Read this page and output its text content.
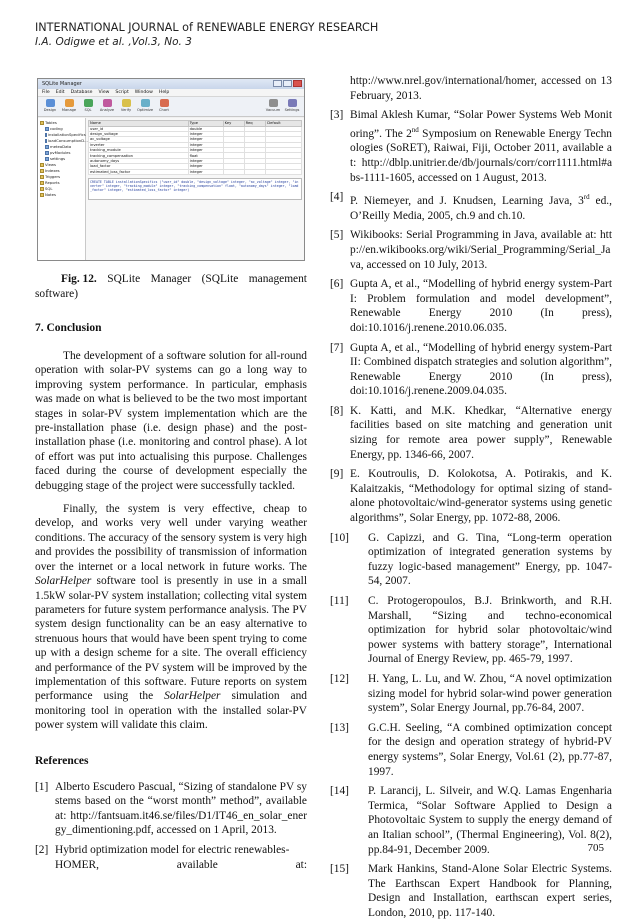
INTERNATIONAL JOURNAL of RENEWABLE ENERGY RESEARCH
I.A. Odigwe et al. ,Vol.3, No. 3
SQLite Manager
File Edit Database View Script Window Help
Design Manage SQL Analyze Verify Optimize Chart	Vacuum Settings
Tables
coding
installationSpecifics
loadConsumptionD...
meteoData
pvModules
settings
Views
Indexes
Triggers
Reports
SQL
Notes
Name	Type	Key	Req	Default
user_id	double			
design_voltage	integer			
ac_voltage	integer			
inverter	integer			
tracking_module	integer			
tracking_compensation	float			
autonomy_days	integer			
load_factor	integer			
estimated_loss_factor	integer			
CREATE TABLE installationSpecifics ("user_id" double, "design_voltage" integer, "ac_voltage" integer, "inverter" integer, "tracking_module" integer, "tracking_compensation" float, "autonomy_days" integer, "load_factor" integer, "estimated_loss_factor" integer)
Fig. 12. SQLite Manager (SQLite management software)
7. Conclusion

The development of a software solution for all-round operation with solar-PV systems can go a long way to improving system performance. In particular, emphasis was made on what is believed to be the two most important stages in solar-PV system implementation which are the pre-installation phase (i.e. design phase) and the post-installation phase (i.e. monitoring and control phase). A lot of effort was put into actualising this purpose. Challenges faced during the course of development especially the debugging stage of the project were successfully tackled.

Finally, the system is very effective, cheap to develop, and works very well under varying weather conditions. The accuracy of the sensory system is very high and provides the possibility of transmission of information over the internet or a local network in future works. The SolarHelper software tool is presently in use in a small 1.5kW solar-PV system installation; collecting vital system parameters for future system performance analysis. The PV system design functionality can be an easy alternative to strenuous hours that would have been spent trying to come up with a design scheme for a site. The overall efficiency and performance of the PV system will be improved by the implementation of this software. Future reports on system performance using the SolarHelper simulation and monitoring tool in operation with the installed solar-PV power system will validate this claim.

References
[1] Alberto Escudero Pascual, “Sizing of standalone PV systems based on the “worst month” method”, available at: http://fantsuam.it46.se/files/D1/IT46_en_solar_energy_dimentioning.pdf, accessed on 1 April, 2013.
[2] Hybrid optimization model for electric renewables-
HOMER,	available	at:
http://www.nrel.gov/international/homer, accessed on 13 February, 2013.
[3] Bimal Aklesh Kumar, “Solar Power Systems Web Monitoring”. The 2nd Symposium on Renewable Energy Technologies (SoRET), Raiwai, Fiji, October 2011, available at: http://dblp.unitrier.de/db/journals/corr/corr1111.html#abs-1111-1605, accessed on 1 August, 2013.
[4] P. Niemeyer, and J. Knudsen, Learning Java, 3rd ed., O’Reilly Media, 2005, ch.9 and ch.10.
[5] Wikibooks: Serial Programming in Java, available at: http://en.wikibooks.org/wiki/Serial_Programming/Serial_Java, accessed on 10 July, 2013.
[6] Gupta A, et al., “Modelling of hybrid energy system-Part I: Problem formulation and model development”, Renewable Energy 2010 (In press), doi:10.1016/j.renene.2010.06.035.
[7] Gupta A, et al., “Modelling of hybrid energy system-Part II: Combined dispatch strategies and solution algorithm”, Renewable Energy 2010 (In press), doi:10.1016/j.renene.2009.04.035.
[8] K. Katti, and M.K. Khedkar, “Alternative energy facilities based on site matching and generation unit sizing for remote area power supply”, Renewable Energy, pp. 1346-66, 2007.
[9] E. Koutroulis, D. Kolokotsa, A. Potirakis, and K. Kalaitzakis, “Methodology for optimal sizing of stand-alone photovoltaic/wind-generator systems using genetic algorithms”, Solar Energy, pp. 1072-88, 2006.
[10]	G. Capizzi, and G. Tina, “Long-term operation optimization of integrated generation systems by fuzzy logic-based management” Energy, pp. 1047-54, 2007.
[11]	C. Protogeropoulos, B.J. Brinkworth, and R.H. Marshall, “Sizing and techno-economical optimization for hybrid solar photovoltaic/wind power systems with battery storage”, International Journal of Energy Review, pp. 465-79, 1997.
[12]	H. Yang, L. Lu, and W. Zhou, “A novel optimization sizing model for hybrid solar-wind power generation system”, Solar Energy Journal, pp.76-84, 2007.
[13]	G.C.H. Seeling, “A combined optimization concept for the design and operation strategy of hybrid-PV energy systems”, Solar Energy, Vol.61 (2), pp.77-87, 1997.
[14]	P. Larancij, L. Silveir, and W.Q. Lamas Engenharia Termica, “Solar Software Applied to Design a Photovoltaic System to supply the energy demand of an Italian school”, (Thermal Engineering), Vol. 8(2), pp.84-91, December 2009.
[15]	Mark Hankins, Stand-Alone Solar Electric Systems. The Earthscan Expert Handbook for Planning, Design and Installation, earthscan expert series, London, 2010, pp. 117-140.
705
